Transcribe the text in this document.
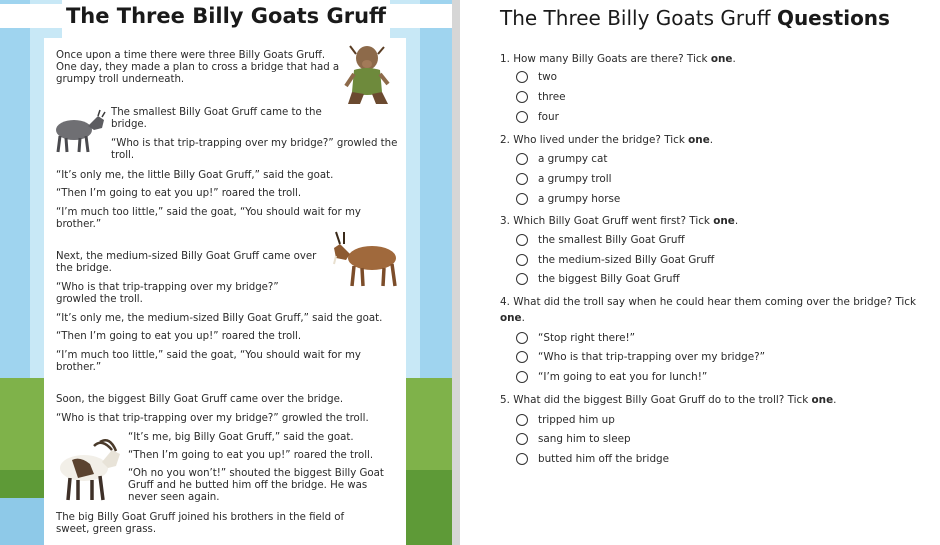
The Three Billy Goats Gruff

Once upon a time there were three Billy Goats Gruff. One day, they made a plan to cross a bridge that had a grumpy troll underneath.

The smallest Billy Goat Gruff came to the bridge.

“Who is that trip-trapping over my bridge?” growled the troll.

“It’s only me, the little Billy Goat Gruff,” said the goat.

“Then I’m going to eat you up!” roared the troll.

“I’m much too little,” said the goat, “You should wait for my brother.”

Next, the medium-sized Billy Goat Gruff came over the bridge.

“Who is that trip-trapping over my bridge?” growled the troll.

“It’s only me, the medium-sized Billy Goat Gruff,” said the goat.

“Then I’m going to eat you up!” roared the troll.

“I’m much too little,” said the goat, “You should wait for my brother.”

Soon, the biggest Billy Goat Gruff came over the bridge.

“Who is that trip-trapping over my bridge?” growled the troll.

“It’s me, big Billy Goat Gruff,” said the goat.

“Then I’m going to eat you up!” roared the troll.

“Oh no you won’t!” shouted the biggest Billy Goat Gruff and he butted him off the bridge. He was never seen again.

The big Billy Goat Gruff joined his brothers in the field of sweet, green grass.

The Three Billy Goats Gruff Questions

1. How many Billy Goats are there? Tick one.

two
three
four

2. Who lived under the bridge? Tick one.

a grumpy cat
a grumpy troll
a grumpy horse

3. Which Billy Goat Gruff went first? Tick one.

the smallest Billy Goat Gruff
the medium-sized Billy Goat Gruff
the biggest Billy Goat Gruff

4. What did the troll say when he could hear them coming over the bridge? Tick one.

“Stop right there!”
“Who is that trip-trapping over my bridge?”
“I’m going to eat you for lunch!”

5. What did the biggest Billy Goat Gruff do to the troll? Tick one.

tripped him up
sang him to sleep
butted him off the bridge
